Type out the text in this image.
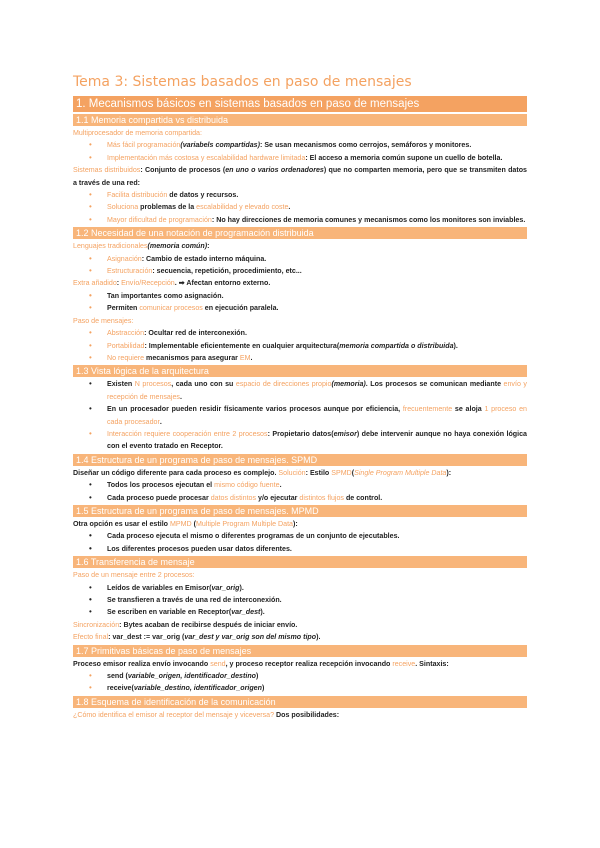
Tema 3: Sistemas basados en paso de mensajes
1. Mecanismos básicos en sistemas basados en paso de mensajes
1.1 Memoria compartida vs distribuida
Multiprocesador de memoria compartida:
• Más fácil programación(variabels compartidas): Se usan mecanismos como cerrojos, semáforos y monitores.
• Implementación más costosa y escalabilidad hardware limitada: El acceso a memoria común supone un cuello de botella.

Sistemas distribuidos: Conjunto de procesos (en uno o varios ordenadores) que no comparten memoria, pero que se transmiten datos a través de una red:

• Facilita distribución de datos y recursos.
• Soluciona problemas de la escalabilidad y elevado coste.
• Mayor dificultad de programación: No hay direcciones de memoria comunes y mecanismos como los monitores son inviables.
1.2 Necesidad de una notación de programación distribuida
Lenguajes tradicionales(memoria común):
• Asignación: Cambio de estado interno máquina.
• Estructuración: secuencia, repetición, procedimiento, etc...
Extra añadido: Envío/Recepción. ➡ Afectan entorno externo.
• Tan importantes como asignación.
• Permiten comunicar procesos en ejecución paralela.
Paso de mensajes:
• Abstracción: Ocultar red de interconexión.
• Portabilidad: Implementable eficientemente en cualquier arquitectura(memoria compartida o distribuida).
• No requiere mecanismos para asegurar EM.
1.3 Vista lógica de la arquitectura
• Existen N procesos, cada uno con su espacio de direcciones propio(memoria). Los procesos se comunican mediante envío y recepción de mensajes.
• En un procesador pueden residir físicamente varios procesos aunque por eficiencia, frecuentemente se aloja 1 proceso en cada procesador.
• Interacción requiere cooperación entre 2 procesos: Propietario datos(emisor) debe intervenir aunque no haya conexión lógica con el evento tratado en Receptor.
1.4 Estructura de un programa de paso de mensajes. SPMD

Diseñar un código diferente para cada proceso es complejo. Solución: Estilo SPMD(Single Program Multiple Data):

• Todos los procesos ejecutan el mismo código fuente.
• Cada proceso puede procesar datos distintos y/o ejecutar distintos flujos de control.
1.5 Estructura de un programa de paso de mensajes. MPMD

Otra opción es usar el estilo MPMD (Multiple Program Multiple Data):

• Cada proceso ejecuta el mismo o diferentes programas de un conjunto de ejecutables.
• Los diferentes procesos pueden usar datos diferentes.
1.6 Transferencia de mensaje
Paso de un mensaje entre 2 procesos:
• Leídos de variables en Emisor(var_orig).
• Se transfieren a través de una red de interconexión.
• Se escriben en variable en Receptor(var_dest).
Sincronización: Bytes acaban de recibirse después de iniciar envío.
Efecto final: var_dest := var_orig (var_dest y var_orig son del mismo tipo).
1.7 Primitivas básicas de paso de mensajes

Proceso emisor realiza envío invocando send, y proceso receptor realiza recepción invocando receive. Sintaxis:

• send (variable_origen, identificador_destino)
• receive(variable_destino, identificador_origen)
1.8 Esquema de identificación de la comunicación

¿Cómo identifica el emisor al receptor del mensaje y viceversa? Dos posibilidades:
